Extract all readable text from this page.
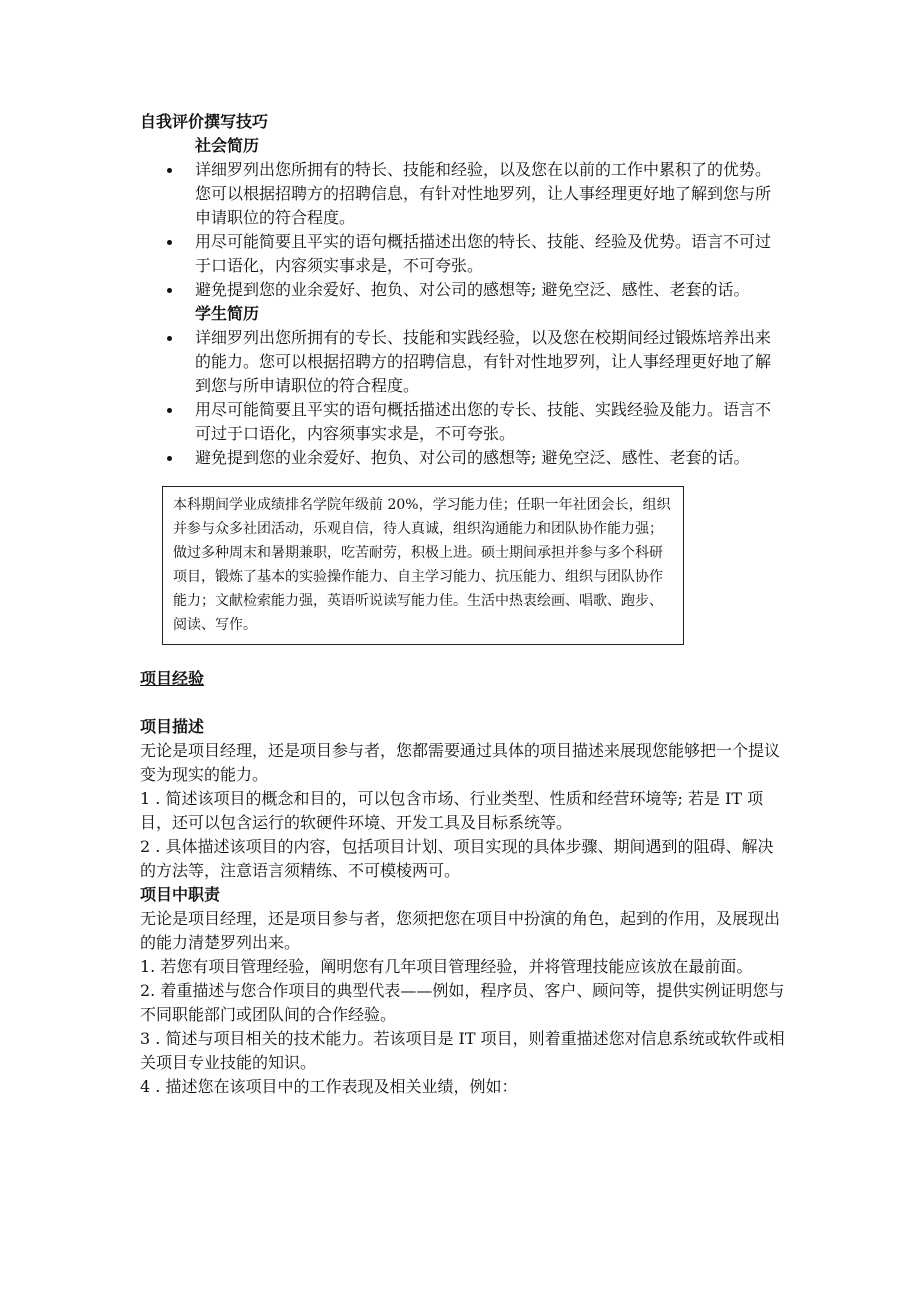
自我评价撰写技巧

社会简历

详细罗列出您所拥有的特长、技能和经验，以及您在以前的工作中累积了的优势。您可以根据招聘方的招聘信息，有针对性地罗列，让人事经理更好地了解到您与所申请职位的符合程度。
用尽可能简要且平实的语句概括描述出您的特长、技能、经验及优势。语言不可过于口语化，内容须实事求是，不可夸张。
避免提到您的业余爱好、抱负、对公司的感想等; 避免空泛、感性、老套的话。

学生简历

详细罗列出您所拥有的专长、技能和实践经验，以及您在校期间经过锻炼培养出来的能力。您可以根据招聘方的招聘信息，有针对性地罗列，让人事经理更好地了解到您与所申请职位的符合程度。
用尽可能简要且平实的语句概括描述出您的专长、技能、实践经验及能力。语言不可过于口语化，内容须事实求是，不可夸张。
避免提到您的业余爱好、抱负、对公司的感想等; 避免空泛、感性、老套的话。
本科期间学业成绩排名学院年级前 20%，学习能力佳；任职一年社团会长，组织并参与众多社团活动，乐观自信，待人真诚，组织沟通能力和团队协作能力强；做过多种周末和暑期兼职，吃苦耐劳，积极上进。硕士期间承担并参与多个科研项目，锻炼了基本的实验操作能力、自主学习能力、抗压能力、组织与团队协作能力；文献检索能力强，英语听说读写能力佳。生活中热衷绘画、唱歌、跑步、阅读、写作。
项目经验

项目描述

无论是项目经理，还是项目参与者，您都需要通过具体的项目描述来展现您能够把一个提议变为现实的能力。

1 . 简述该项目的概念和目的，可以包含市场、行业类型、性质和经营环境等; 若是 IT 项目，还可以包含运行的软硬件环境、开发工具及目标系统等。

2 . 具体描述该项目的内容，包括项目计划、项目实现的具体步骤、期间遇到的阻碍、解决的方法等，注意语言须精练、不可模棱两可。

项目中职责

无论是项目经理，还是项目参与者，您须把您在项目中扮演的角色，起到的作用，及展现出的能力清楚罗列出来。

1. 若您有项目管理经验，阐明您有几年项目管理经验，并将管理技能应该放在最前面。

2. 着重描述与您合作项目的典型代表——例如，程序员、客户、顾问等，提供实例证明您与不同职能部门或团队间的合作经验。

3 . 简述与项目相关的技术能力。若该项目是 IT 项目，则着重描述您对信息系统或软件或相关项目专业技能的知识。

4 . 描述您在该项目中的工作表现及相关业绩，例如：
